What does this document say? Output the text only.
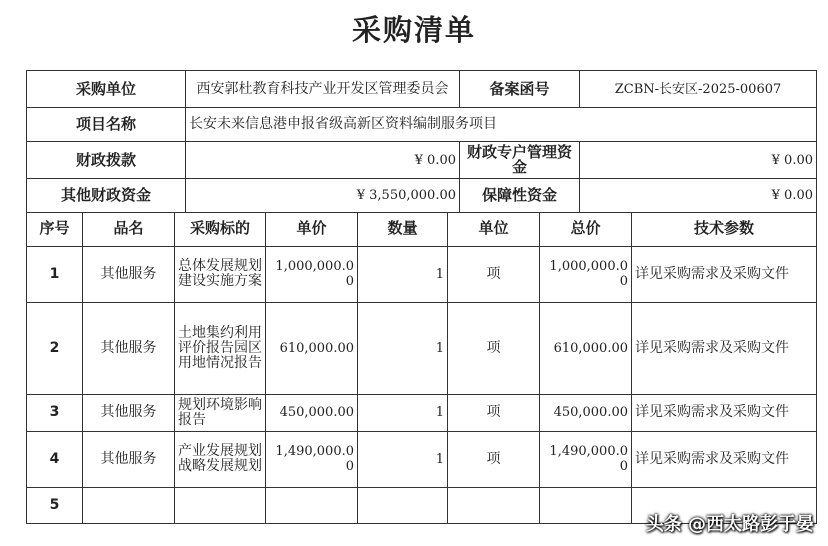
采购清单
采购单位	西安郭杜教育科技产业开发区管理委员会	备案函号	ZCBN-长安区-2025-00607
项目名称	长安未来信息港申报省级高新区资料编制服务项目		
财政拨款	¥ 0.00	财政专户管理资金	¥ 0.00
其他财政资金	¥ 3,550,000.00	保障性资金	¥ 0.00
序号	品名	采购标的	单价	数量	单位	总价	技术参数
1	其他服务	总体发展规划建设实施方案	1,000,000.00	1	项	1,000,000.00	详见采购需求及采购文件
2	其他服务	土地集约利用评价报告园区用地情况报告	610,000.00	1	项	610,000.00	详见采购需求及采购文件
3	其他服务	规划环境影响报告	450,000.00	1	项	450,000.00	详见采购需求及采购文件
4	其他服务	产业发展规划战略发展规划	1,490,000.00	1	项	1,490,000.00	详见采购需求及采购文件
5							
头条 @西太路彭于晏
